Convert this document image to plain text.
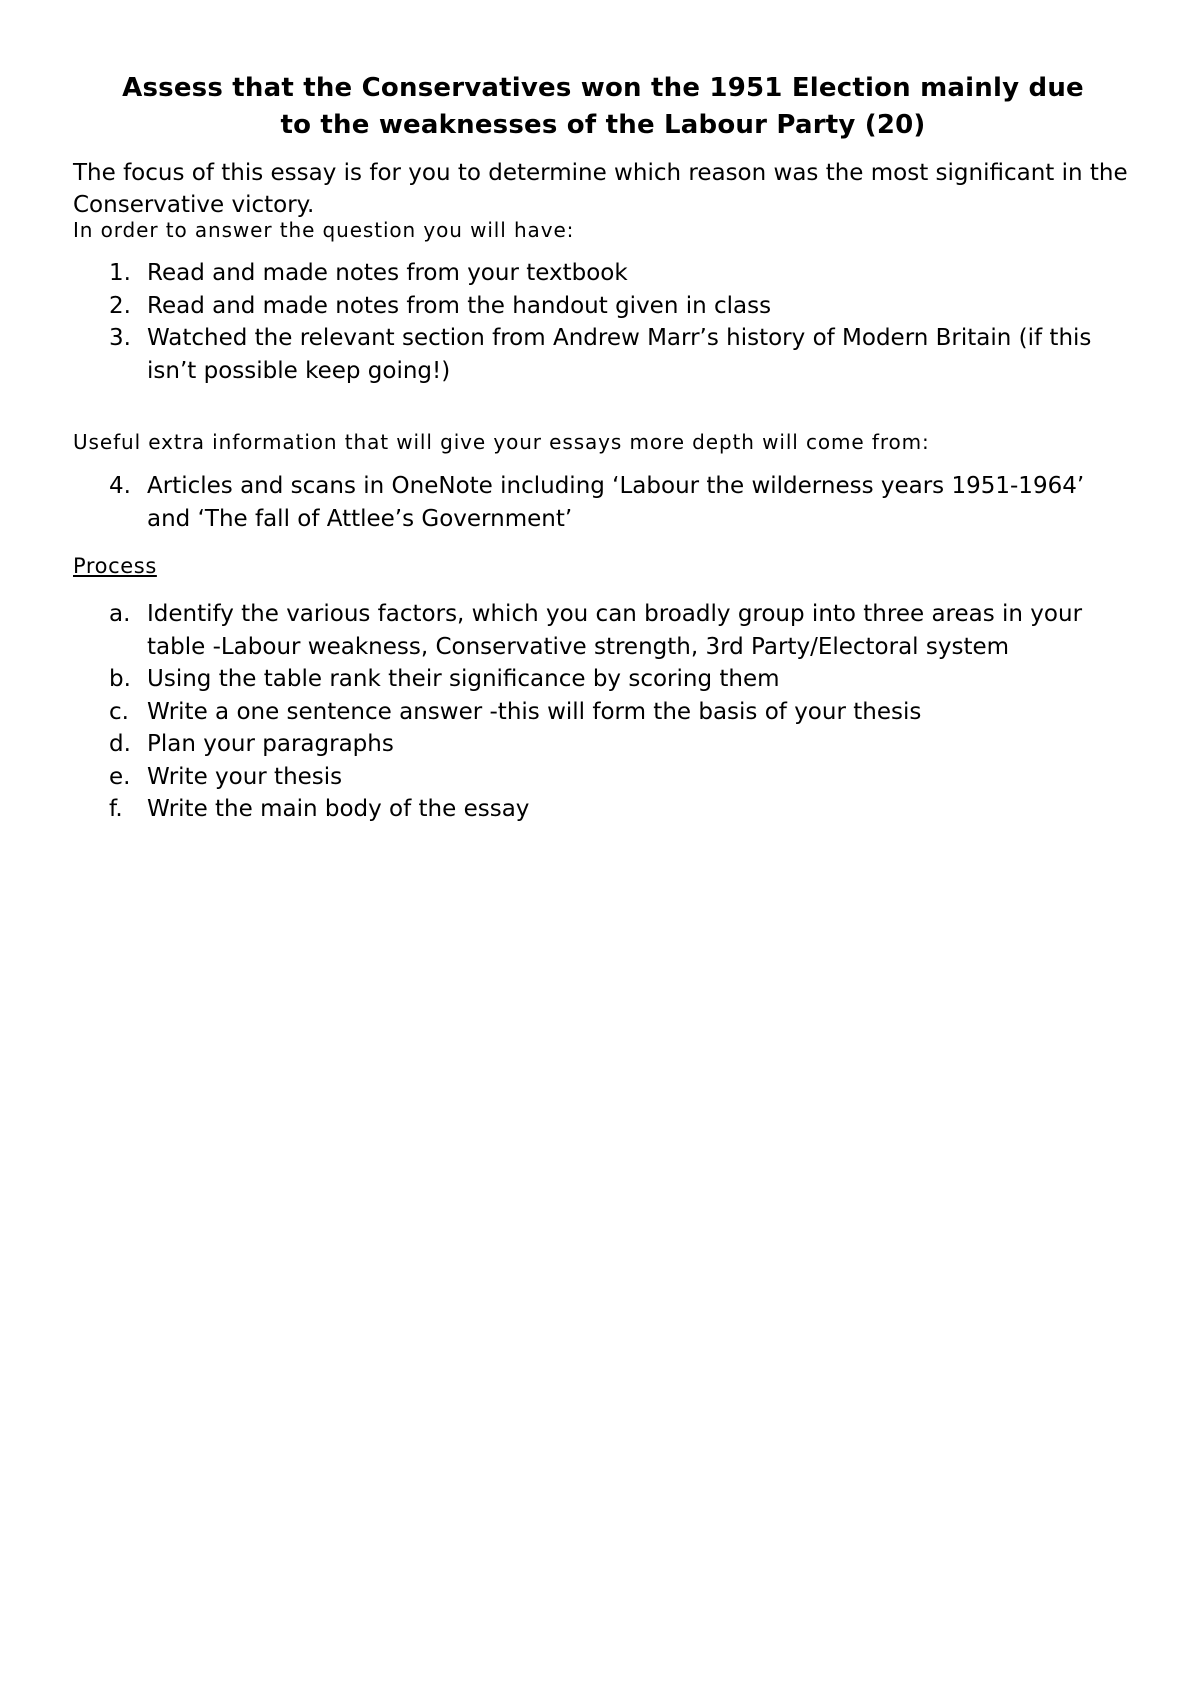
Assess that the Conservatives won the 1951 Election mainly due
to the weaknesses of the Labour Party (20)

The focus of this essay is for you to determine which reason was the most significant in the Conservative victory.

In order to answer the question you will have:

1. Read and made notes from your textbook
2. Read and made notes from the handout given in class
3. Watched the relevant section from Andrew Marr’s history of Modern Britain (if this isn’t possible keep going!)

Useful extra information that will give your essays more depth will come from:

4. Articles and scans in OneNote including ‘Labour the wilderness years 1951-1964’ and ‘The fall of Attlee’s Government’

Process

a. Identify the various factors, which you can broadly group into three areas in your table -Labour weakness, Conservative strength, 3rd Party/Electoral system
b. Using the table rank their significance by scoring them
c. Write a one sentence answer -this will form the basis of your thesis
d. Plan your paragraphs
e. Write your thesis
f. Write the main body of the essay
